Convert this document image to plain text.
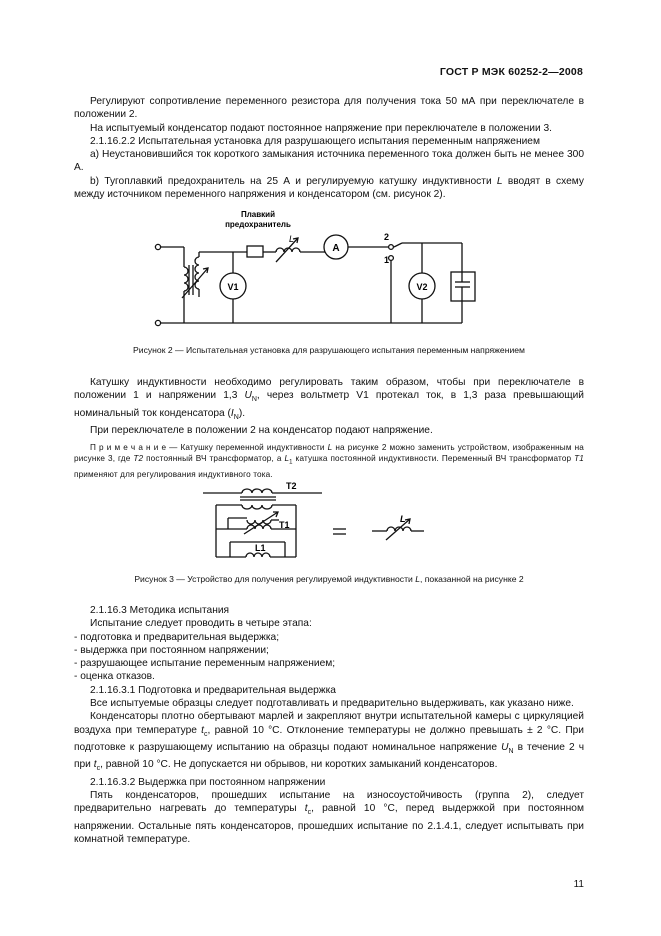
ГОСТ Р МЭК 60252-2—2008

Регулируют сопротивление переменного резистора для получения тока 50 мА при переключателе в положении 2.

На испытуемый конденсатор подают постоянное напряжение при переключателе в положении 3.

2.1.16.2.2 Испытательная установка для разрушающего испытания переменным напряжением

а) Неустановившийся ток короткого замыкания источника переменного тока должен быть не менее 300 А.

b) Тугоплавкий предохранитель на 25 А и регулируемую катушку индуктивности L вводят в схему между источником переменного напряжения и конденсатором (см. рисунок 2).

Плавкий
предохранитель
L
A
V1	V2
2
1
Рисунок 2 — Испытательная установка для разрушающего испытания переменным напряжением

Катушку индуктивности необходимо регулировать таким образом, чтобы при переключателе в положении 1 и напряжении 1,3 $U_N$, через вольтметр V1 протекал ток, в 1,3 раза превышающий номинальный ток конденсатора $(I_N)$.

При переключателе в положении 2 на конденсатор подают напряжение.

П р и м е ч а н и е — Катушку переменной индуктивности L на рисунке 2 можно заменить устройством, изображенным на рисунке 3, где Т2 постоянный ВЧ трансформатор, а $L_1$ катушка постоянной индуктивности. Переменный ВЧ трансформатор Т1 применяют для регулирования индуктивного тока.

T2
T1
L1
L
Рисунок 3 — Устройство для получения регулируемой индуктивности L, показанной на рисунке 2

2.1.16.3 Методика испытания

Испытание следует проводить в четыре этапа:

- подготовка и предварительная выдержка;

- выдержка при постоянном напряжении;

- разрушающее испытание переменным напряжением;

- оценка отказов.

2.1.16.3.1 Подготовка и предварительная выдержка

Все испытуемые образцы следует подготавливать и предварительно выдерживать, как указано ниже.

Конденсаторы плотно обертывают марлей и закрепляют внутри испытательной камеры с циркуляцией воздуха при температуре $t_c$, равной 10 °С. Отклонение температуры не должно превышать ± 2 °С. При подготовке к разрушающему испытанию на образцы подают номинальное напряжение $U_N$ в течение 2 ч при $t_c$, равной 10 °С. Не допускается ни обрывов, ни коротких замыканий конденсаторов.

2.1.16.3.2 Выдержка при постоянном напряжении

Пять конденсаторов, прошедших испытание на износоустойчивость (группа 2), следует предварительно нагревать до температуры $t_c$, равной 10 °С, перед выдержкой при постоянном напряжении. Остальные пять конденсаторов, прошедших испытание по 2.1.4.1, следует испытывать при комнатной температуре.

11
